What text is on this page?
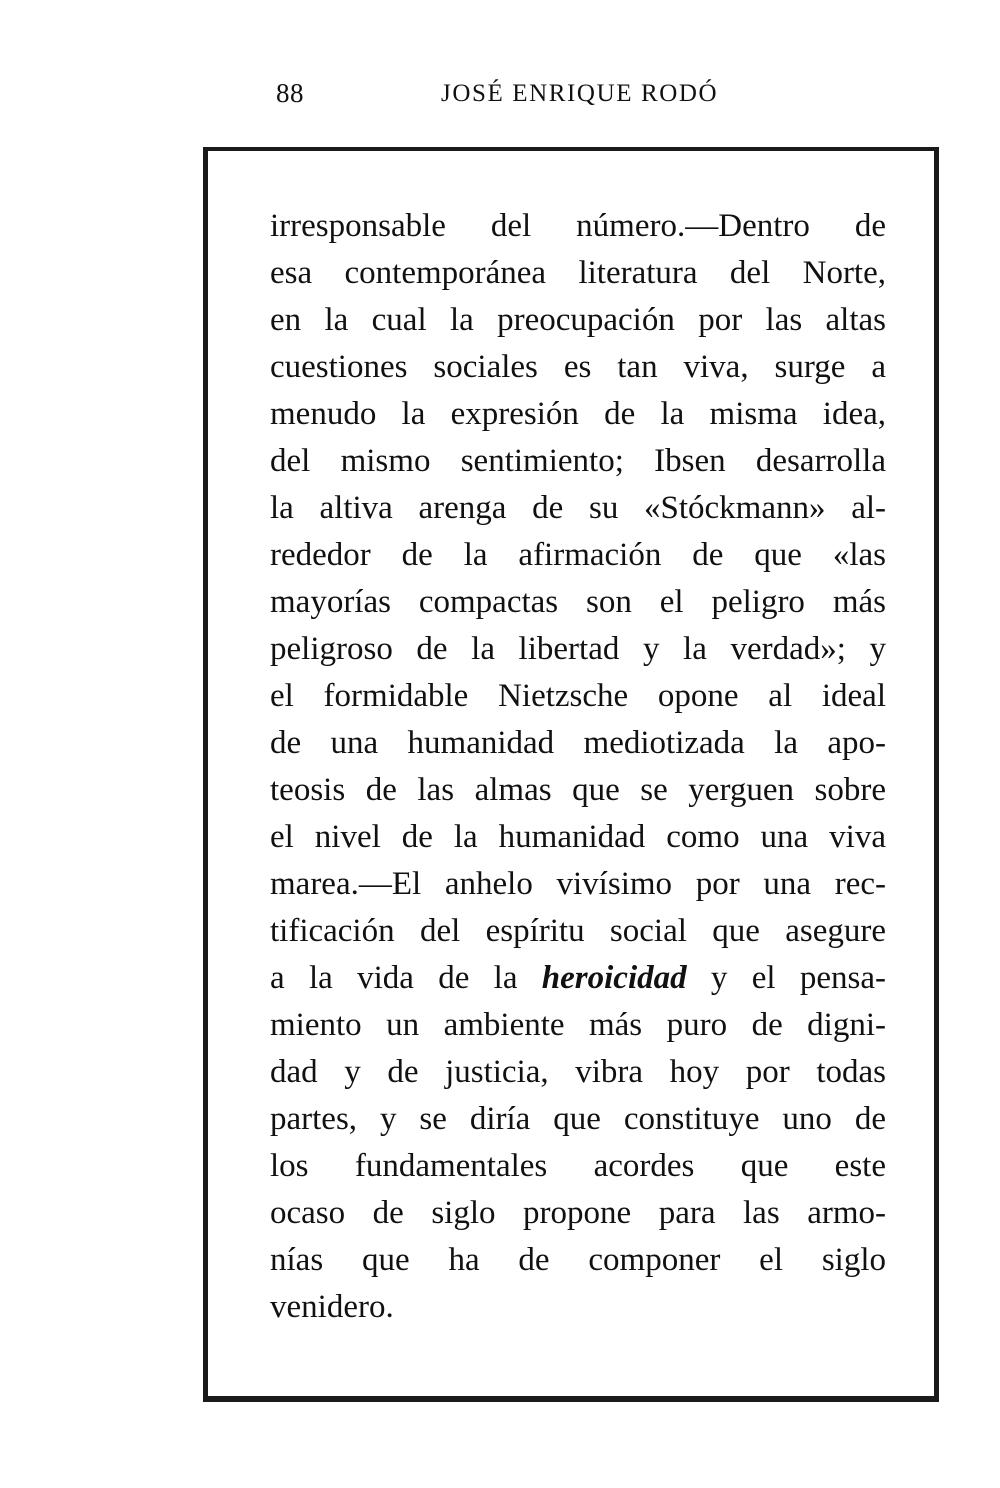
88	JOSÉ ENRIQUE RODÓ
irresponsable del número.—Dentro de
esa contemporánea literatura del Norte,
en la cual la preocupación por las altas
cuestiones sociales es tan viva, surge a
menudo la expresión de la misma idea,
del mismo sentimiento; Ibsen desarrolla
la altiva arenga de su «Stóckmann» al-
rededor de la afirmación de que «las
mayorías compactas son el peligro más
peligroso de la libertad y la verdad»; y
el formidable Nietzsche opone al ideal
de una humanidad mediotizada la apo-
teosis de las almas que se yerguen sobre
el nivel de la humanidad como una viva
marea.—El anhelo vivísimo por una rec-
tificación del espíritu social que asegure
a la vida de la heroicidad y el pensa-
miento un ambiente más puro de digni-
dad y de justicia, vibra hoy por todas
partes, y se diría que constituye uno de
los fundamentales acordes que este
ocaso de siglo propone para las armo-
nías que ha de componer el siglo
venidero.
